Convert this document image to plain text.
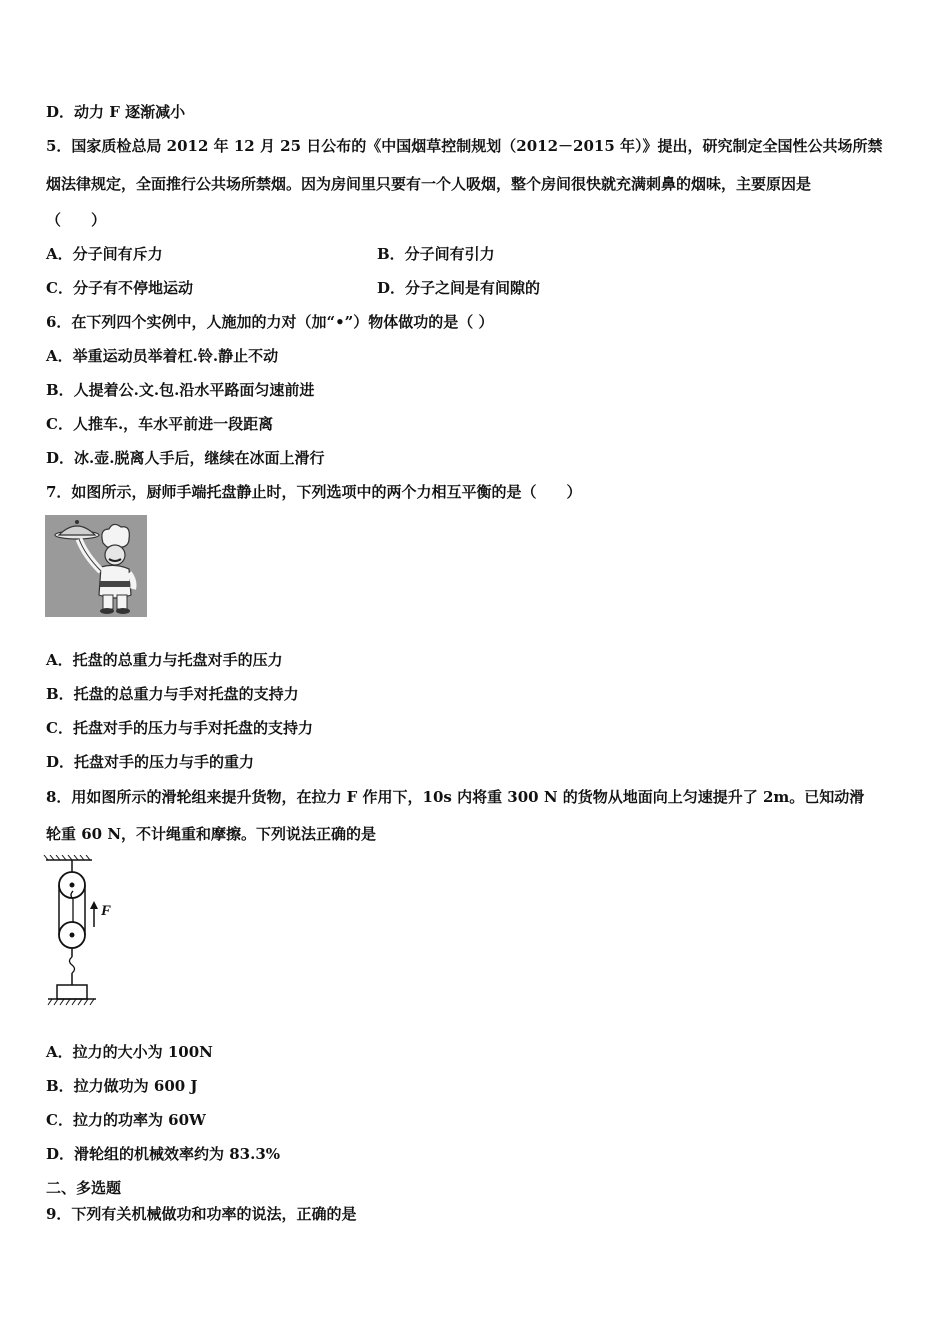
D．动力 F 逐渐减小
5．国家质检总局 2012 年 12 月 25 日公布的《中国烟草控制规划（2012－2015 年）》提出，研究制定全国性公共场所禁
烟法律规定，全面推行公共场所禁烟。因为房间里只要有一个人吸烟，整个房间很快就充满刺鼻的烟味，主要原因是
（　　）
A．分子间有斥力	B．分子间有引力
C．分子有不停地运动	D．分子之间是有间隙的
6．在下列四个实例中，人施加的力对（加“•”）物体做功的是（ ）
A．举重运动员举着杠.铃.静止不动
B．人提着公.文.包.沿水平路面匀速前进
C．人推车.，车水平前进一段距离
D．冰.壶.脱离人手后，继续在冰面上滑行
7．如图所示，厨师手端托盘静止时，下列选项中的两个力相互平衡的是（　　）
A．托盘的总重力与托盘对手的压力
B．托盘的总重力与手对托盘的支持力
C．托盘对手的压力与手对托盘的支持力
D．托盘对手的压力与手的重力
8．用如图所示的滑轮组来提升货物，在拉力 F 作用下，10s 内将重 300 N 的货物从地面向上匀速提升了 2m。已知动滑
轮重 60 N，不计绳重和摩擦。下列说法正确的是
F
A．拉力的大小为 100N
B．拉力做功为 600 J
C．拉力的功率为 60W
D．滑轮组的机械效率约为 83.3%
二、多选题
9．下列有关机械做功和功率的说法，正确的是
